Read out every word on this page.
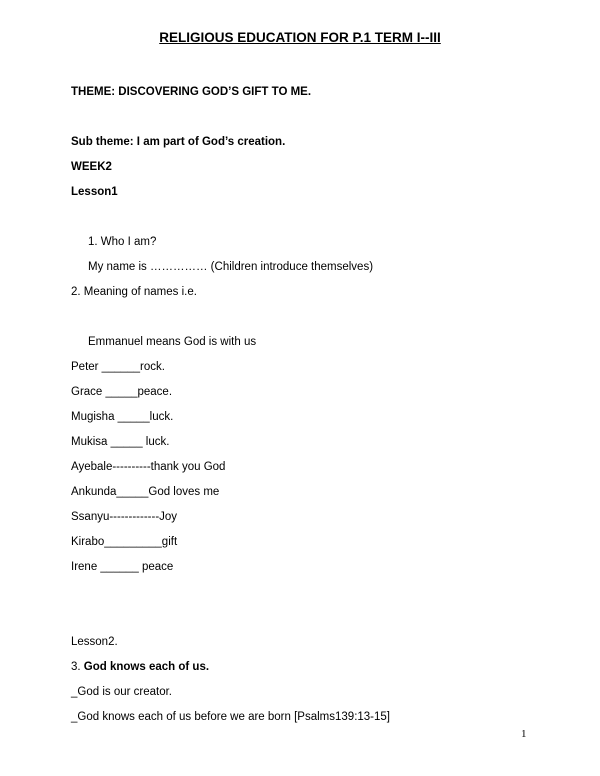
RELIGIOUS EDUCATION FOR P.1 TERM I--III
THEME: DISCOVERING GOD’S GIFT TO ME.
Sub theme: I am part of God’s creation.
WEEK2
Lesson1
1. Who I am?
My name is …………… (Children introduce themselves)
2. Meaning of names i.e.
Emmanuel means God is with us
Peter ______rock.
Grace _____peace.
Mugisha _____luck.
Mukisa _____ luck.
Ayebale----------thank you God
Ankunda_____God loves me
Ssanyu-------------Joy
Kirabo_________gift
Irene ______ peace
Lesson2.
3. God knows each of us.
_God is our creator.
_God knows each of us before we are born [Psalms139:13-15]
1
